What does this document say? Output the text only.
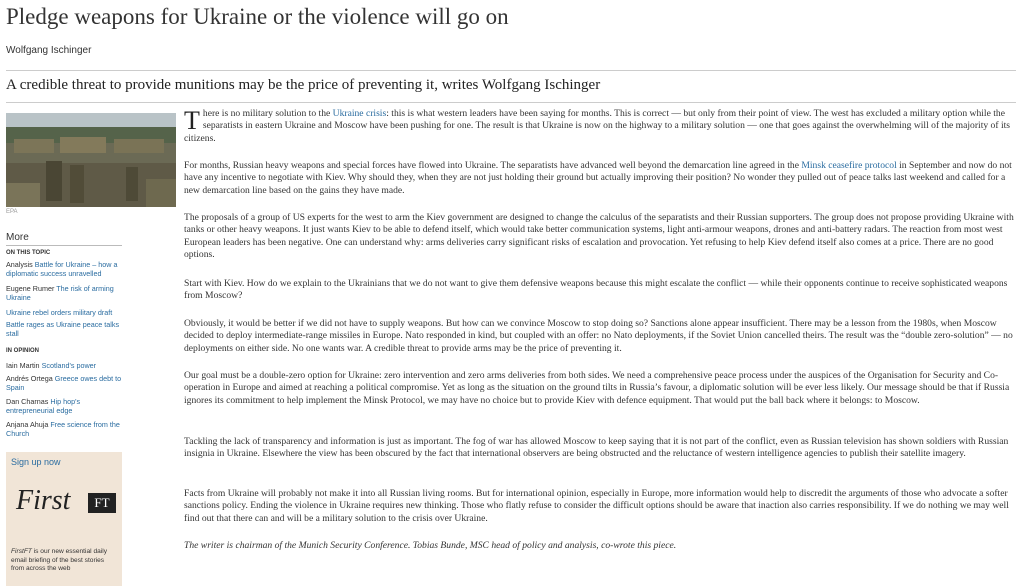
Pledge weapons for Ukraine or the violence will go on
Wolfgang Ischinger
A credible threat to provide munitions may be the price of preventing it, writes Wolfgang Ischinger
EPA
More
ON THIS TOPIC
Analysis Battle for Ukraine – how a diplomatic success unravelled
Eugene Rumer The risk of arming Ukraine
Ukraine rebel orders military draft
Battle rages as Ukraine peace talks stall
IN OPINION
Iain Martin Scotland's power
Andrés Ortega Greece owes debt to Spain
Dan Charnas Hip hop's entrepreneurial edge
Anjana Ahuja Free science from the Church
Sign up now
First	FT
FirstFT is our new essential daily email briefing of the best stories from across the web

There is no military solution to the Ukraine crisis: this is what western leaders have been saying for months. This is correct — but only from their point of view. The west has excluded a military option while the separatists in eastern Ukraine and Moscow have been pushing for one. The result is that Ukraine is now on the highway to a military solution — one that goes against the overwhelming will of the majority of its citizens.

For months, Russian heavy weapons and special forces have flowed into Ukraine. The separatists have advanced well beyond the demarcation line agreed in the Minsk ceasefire protocol in September and now do not have any incentive to negotiate with Kiev. Why should they, when they are not just holding their ground but actually improving their position? No wonder they pulled out of peace talks last weekend and called for a new demarcation line based on the gains they have made.

The proposals of a group of US experts for the west to arm the Kiev government are designed to change the calculus of the separatists and their Russian supporters. The group does not propose providing Ukraine with tanks or other heavy weapons. It just wants Kiev to be able to defend itself, which would take better communication systems, light anti-armour weapons, drones and anti-battery radars. The reaction from most west European leaders has been negative. One can understand why: arms deliveries carry significant risks of escalation and provocation. Yet refusing to help Kiev defend itself also comes at a price. There are no good options.

Start with Kiev. How do we explain to the Ukrainians that we do not want to give them defensive weapons because this might escalate the conflict — while their opponents continue to receive sophisticated weapons from Moscow?

Obviously, it would be better if we did not have to supply weapons. But how can we convince Moscow to stop doing so? Sanctions alone appear insufficient. There may be a lesson from the 1980s, when Moscow decided to deploy intermediate-range missiles in Europe. Nato responded in kind, but coupled with an offer: no Nato deployments, if the Soviet Union cancelled theirs. The result was the “double zero-solution” — no deployments on either side. No one wants war. A credible threat to provide arms may be the price of preventing it.

Our goal must be a double-zero option for Ukraine: zero intervention and zero arms deliveries from both sides. We need a comprehensive peace process under the auspices of the Organisation for Security and Co-operation in Europe and aimed at reaching a political compromise. Yet as long as the situation on the ground tilts in Russia’s favour, a diplomatic solution will be ever less likely. Our message should be that if Russia ignores its commitment to help implement the Minsk Protocol, we may have no choice but to provide Kiev with defence equipment. That would put the ball back where it belongs: to Moscow.

Tackling the lack of transparency and information is just as important. The fog of war has allowed Moscow to keep saying that it is not part of the conflict, even as Russian television has shown soldiers with Russian insignia in Ukraine. Elsewhere the view has been obscured by the fact that international observers are being obstructed and the reluctance of western intelligence agencies to publish their satellite imagery.

Facts from Ukraine will probably not make it into all Russian living rooms. But for international opinion, especially in Europe, more information would help to discredit the arguments of those who advocate a softer sanctions policy. Ending the violence in Ukraine requires new thinking. Those who flatly refuse to consider the difficult options should be aware that inaction also carries responsibility. If we do nothing we may well find out that there can and will be a military solution to the crisis over Ukraine.

The writer is chairman of the Munich Security Conference. Tobias Bunde, MSC head of policy and analysis, co-wrote this piece.
